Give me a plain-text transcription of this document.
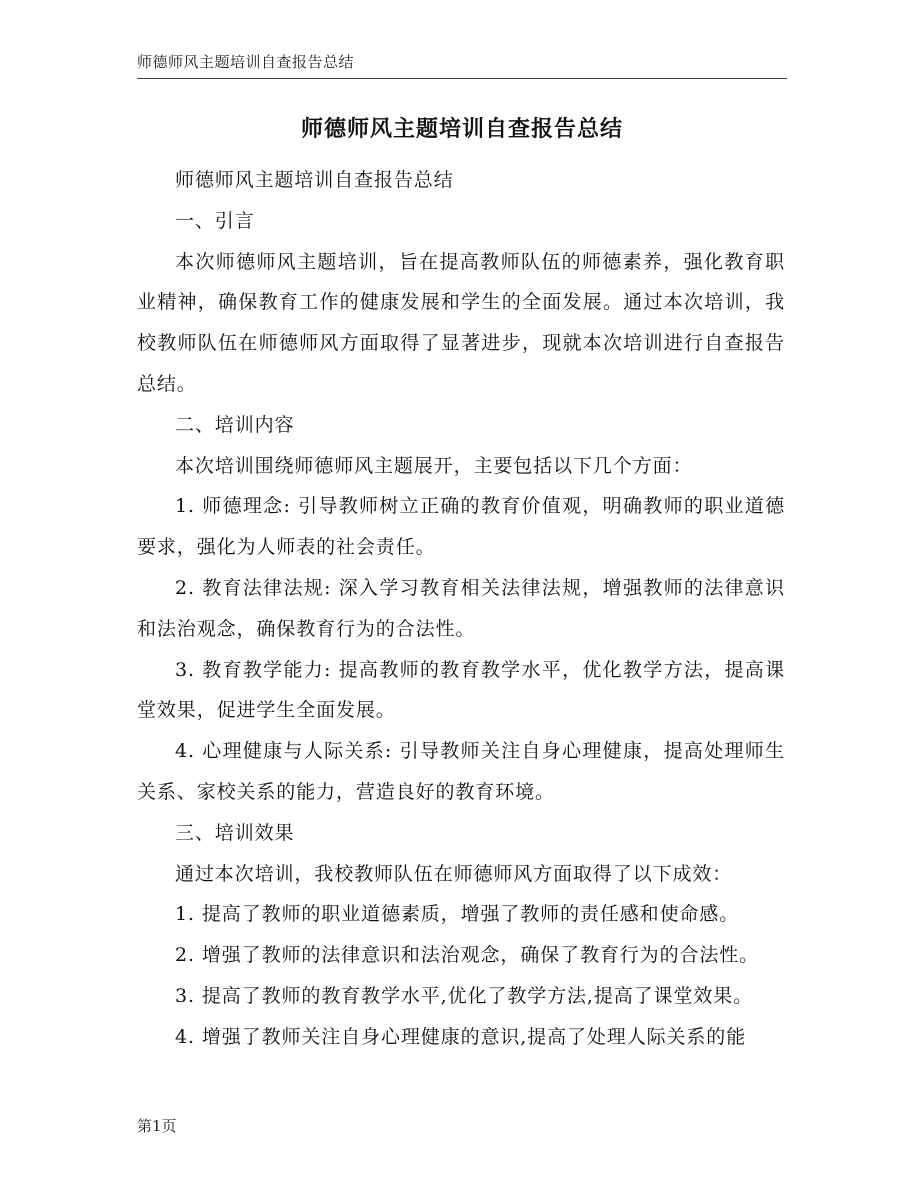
师德师风主题培训自查报告总结
师德师风主题培训自查报告总结

师德师风主题培训自查报告总结

一、引言

本次师德师风主题培训，旨在提高教师队伍的师德素养，强化教育职业精神，确保教育工作的健康发展和学生的全面发展。通过本次培训，我校教师队伍在师德师风方面取得了显著进步，现就本次培训进行自查报告总结。

二、培训内容

本次培训围绕师德师风主题展开，主要包括以下几个方面：

1. 师德理念: 引导教师树立正确的教育价值观，明确教师的职业道德要求，强化为人师表的社会责任。

2. 教育法律法规: 深入学习教育相关法律法规，增强教师的法律意识和法治观念，确保教育行为的合法性。

3. 教育教学能力: 提高教师的教育教学水平，优化教学方法，提高课堂效果，促进学生全面发展。

4. 心理健康与人际关系: 引导教师关注自身心理健康，提高处理师生关系、家校关系的能力，营造良好的教育环境。

三、培训效果

通过本次培训，我校教师队伍在师德师风方面取得了以下成效：

1. 提高了教师的职业道德素质，增强了教师的责任感和使命感。

2. 增强了教师的法律意识和法治观念，确保了教育行为的合法性。

3. 提高了教师的教育教学水平,优化了教学方法,提高了课堂效果。

4. 增强了教师关注自身心理健康的意识,提高了处理人际关系的能

第1页
